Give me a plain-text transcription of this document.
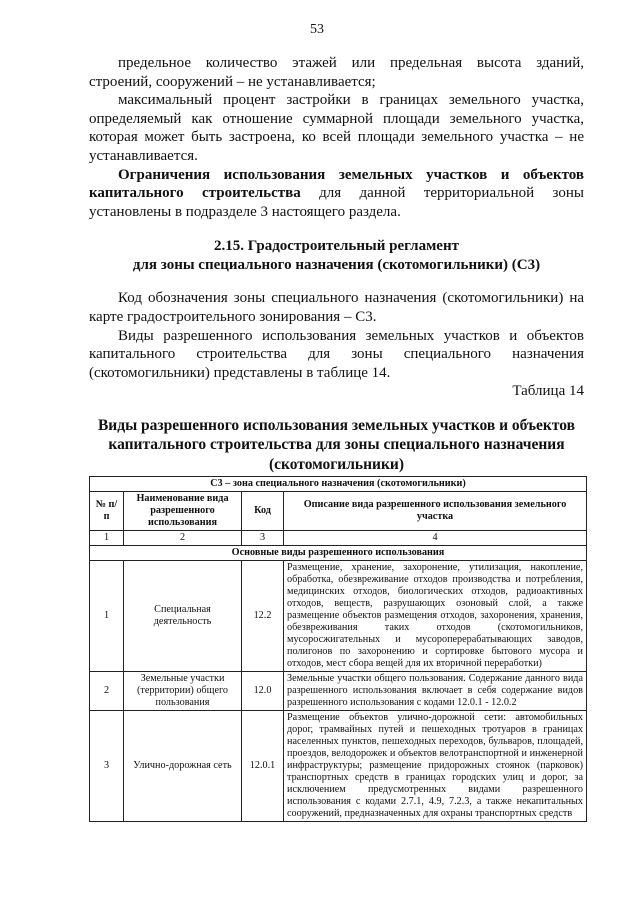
53

предельное количество этажей или предельная высота зданий, строений, сооружений – не устанавливается;

максимальный процент застройки в границах земельного участка, определяемый как отношение суммарной площади земельного участка, которая может быть застроена, ко всей площади земельного участка – не устанавливается.

Ограничения использования земельных участков и объектов капитального строительства для данной территориальной зоны установлены в подразделе 3 настоящего раздела.

2.15. Градостроительный регламент
для зоны специального назначения (скотомогильники) (С3)

Код обозначения зоны специального назначения (скотомогильники) на карте градостроительного зонирования – С3.

Виды разрешенного использования земельных участков и объектов капитального строительства для зоны специального назначения (скотомогильники) представлены в таблице 14.

Таблица 14

Виды разрешенного использования земельных участков и объектов
капитального строительства для зоны специального назначения
(скотомогильники)
С3 – зона специального назначения (скотомогильники)			
№ п/п	Наименование вида разрешенного использования	Код	Описание вида разрешенного использования земельного участка
1	2	3	4
Основные виды разрешенного использования			
1	Специальная деятельность	12.2	Размещение, хранение, захоронение, утилизация, накопление, обработка, обезвреживание отходов производства и потребления, медицинских отходов, биологических отходов, радиоактивных отходов, веществ, разрушающих озоновый слой, а также размещение объектов размещения отходов, захоронения, хранения, обезвреживания таких отходов (скотомогильников, мусоросжигательных и мусороперерабатывающих заводов, полигонов по захоронению и сортировке бытового мусора и отходов, мест сбора вещей для их вторичной переработки)
2	Земельные участки (территории) общего пользования	12.0	Земельные участки общего пользования. Содержание данного вида разрешенного использования включает в себя содержание видов разрешенного использования с кодами 12.0.1 - 12.0.2
3	Улично-дорожная сеть	12.0.1	Размещение объектов улично-дорожной сети: автомобильных дорог, трамвайных путей и пешеходных тротуаров в границах населенных пунктов, пешеходных переходов, бульваров, площадей, проездов, велодорожек и объектов велотранспортной и инженерной инфраструктуры; размещение придорожных стоянок (парковок) транспортных средств в границах городских улиц и дорог, за исключением предусмотренных видами разрешенного использования с кодами 2.7.1, 4.9, 7.2.3, а также некапитальных сооружений, предназначенных для охраны транспортных средств
